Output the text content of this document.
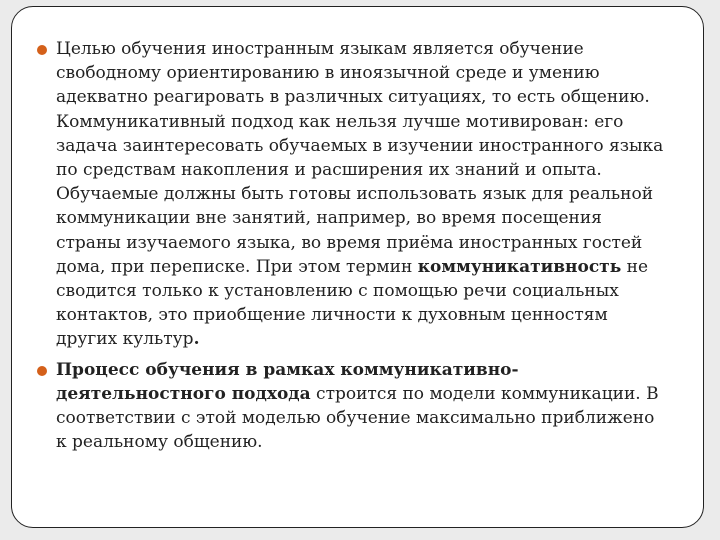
Целью обучения иностранным языкам является обучение свободному ориентированию в иноязычной среде и умению адекватно реагировать в различных ситуациях, то есть общению. Коммуникативный подход как нельзя лучше мотивирован: его задача заинтересовать обучаемых в изучении иностранного языка по средствам накопления и расширения их знаний и опыта. Обучаемые должны быть готовы использовать язык для реальной коммуникации вне занятий, например, во время посещения страны изучаемого языка, во время приёма иностранных гостей дома, при переписке. При этом термин коммуникативность не сводится только к установлению с помощью речи социальных контактов, это приобщение личности к духовным ценностям других культур.

Процесс обучения в рамках коммуникативно-деятельностного подхода строится по модели коммуникации. В соответствии с этой моделью обучение максимально приближено к реальному общению.
